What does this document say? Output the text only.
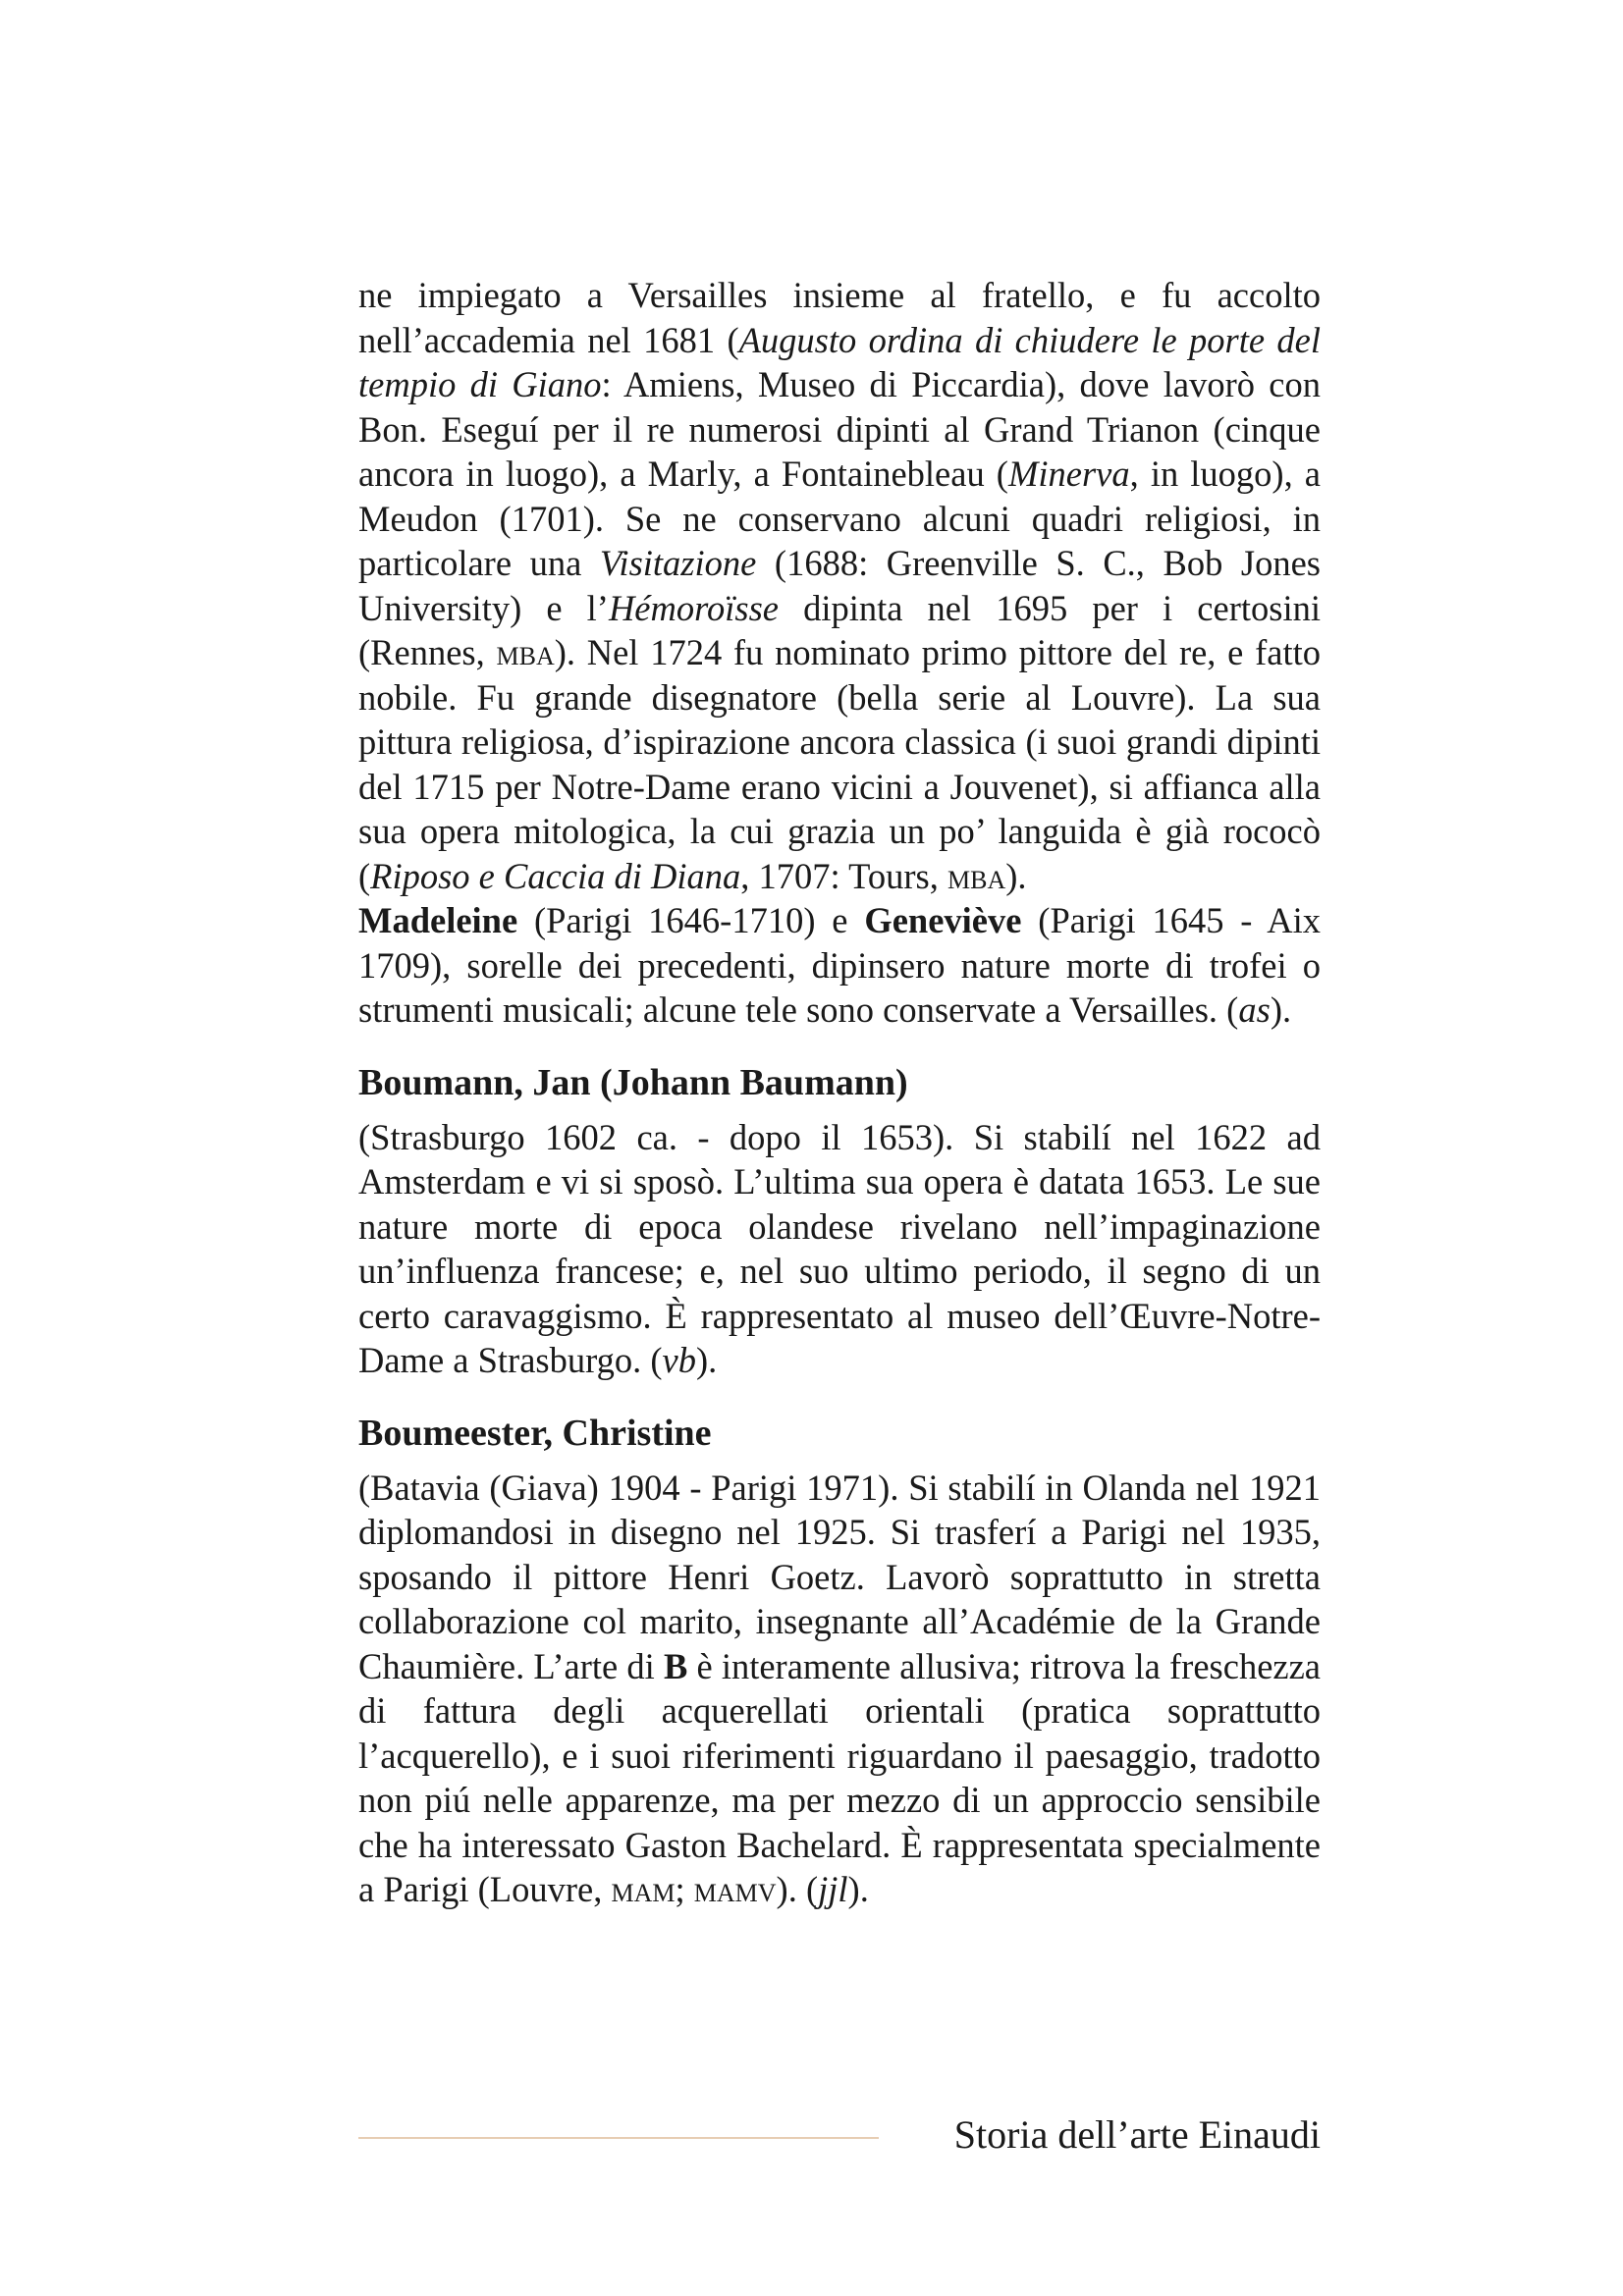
ne impiegato a Versailles insieme al fratello, e fu accolto nell’accademia nel 1681 (Augusto ordina di chiudere le porte del tempio di Giano: Amiens, Museo di Piccardia), dove lavorò con Bon. Eseguí per il re numerosi dipinti al Grand Trianon (cinque ancora in luogo), a Marly, a Fontainebleau (Minerva, in luogo), a Meudon (1701). Se ne conservano alcuni quadri religiosi, in particolare una Visitazione (1688: Greenville S. C., Bob Jones University) e l’Hémoroïsse dipinta nel 1695 per i certosini (Rennes, mba). Nel 1724 fu nominato primo pittore del re, e fatto nobile. Fu grande disegnatore (bella serie al Louvre). La sua pittura religiosa, d’ispirazione ancora classica (i suoi grandi dipinti del 1715 per Notre-Dame erano vicini a Jouvenet), si affianca alla sua opera mitologica, la cui grazia un po’ languida è già rococò (Riposo e Caccia di Diana, 1707: Tours, mba).

Madeleine (Parigi 1646-1710) e Geneviève (Parigi 1645 - Aix 1709), sorelle dei precedenti, dipinsero nature morte di trofei o strumenti musicali; alcune tele sono conservate a Versailles. (as).

Boumann, Jan (Johann Baumann)

(Strasburgo 1602 ca. - dopo il 1653). Si stabilí nel 1622 ad Amsterdam e vi si sposò. L’ultima sua opera è datata 1653. Le sue nature morte di epoca olandese rivelano nell’impaginazione un’influenza francese; e, nel suo ultimo periodo, il segno di un certo caravaggismo. È rappresentato al museo dell’Œuvre-Notre-Dame a Strasburgo. (vb).

Boumeester, Christine

(Batavia (Giava) 1904 - Parigi 1971). Si stabilí in Olanda nel 1921 diplomandosi in disegno nel 1925. Si trasferí a Parigi nel 1935, sposando il pittore Henri Goetz. Lavorò soprattutto in stretta collaborazione col marito, insegnante all’Académie de la Grande Chaumière. L’arte di B è interamente allusiva; ritrova la freschezza di fattura degli acquerellati orientali (pratica soprattutto l’acquerello), e i suoi riferimenti riguardano il paesaggio, tradotto non piú nelle apparenze, ma per mezzo di un approccio sensibile che ha interessato Gaston Bachelard. È rappresentata specialmente a Parigi (Louvre, mam; mamv). (jjl).

Storia dell’arte Einaudi
